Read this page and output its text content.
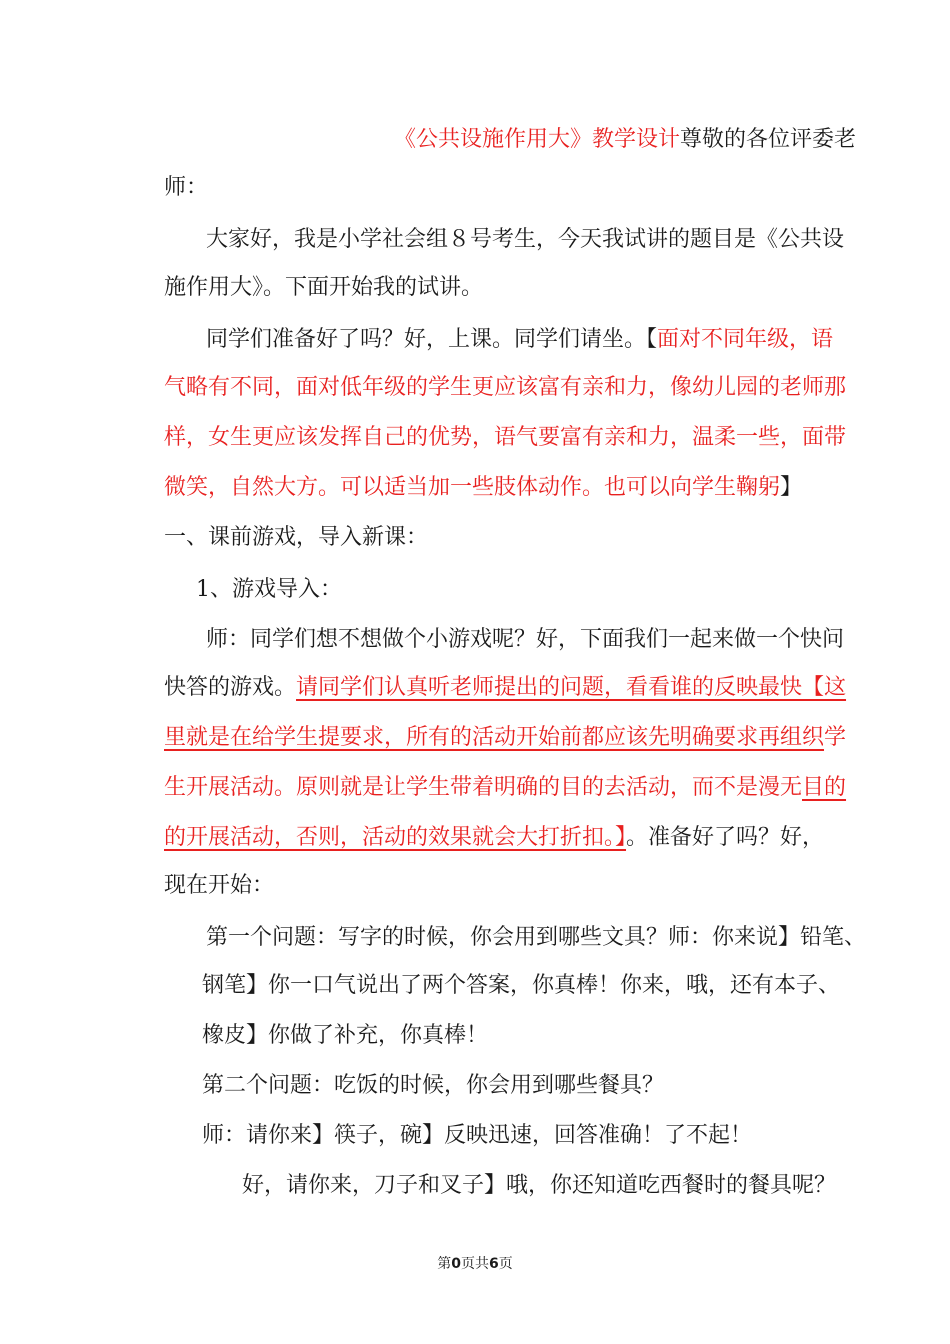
《公共设施作用大》教学设计尊敬的各位评委老
师：
大家好，我是小学社会组８号考生，今天我试讲的题目是《公共设
施作用大》。下面开始我的试讲。
同学们准备好了吗？好，上课。同学们请坐。【面对不同年级，语
气略有不同，面对低年级的学生更应该富有亲和力，像幼儿园的老师那
样，女生更应该发挥自己的优势，语气要富有亲和力，温柔一些，面带
微笑，自然大方。可以适当加一些肢体动作。也可以向学生鞠躬】
一、课前游戏，导入新课：
1、游戏导入：
师：同学们想不想做个小游戏呢？好，下面我们一起来做一个快问
快答的游戏。请同学们认真听老师提出的问题，看看谁的反映最快【这
里就是在给学生提要求，所有的活动开始前都应该先明确要求再组织学
生开展活动。原则就是让学生带着明确的目的去活动，而不是漫无目的
的开展活动，否则，活动的效果就会大打折扣。】。准备好了吗？好，
现在开始：
第一个问题：写字的时候，你会用到哪些文具？师：你来说】铅笔、
钢笔】你一口气说出了两个答案，你真棒！你来，哦，还有本子、
橡皮】你做了补充，你真棒！
第二个问题：吃饭的时候，你会用到哪些餐具？
师：请你来】筷子，碗】反映迅速，回答准确！了不起！
好，请你来，刀子和叉子】哦，你还知道吃西餐时的餐具呢？
第0页共6页
